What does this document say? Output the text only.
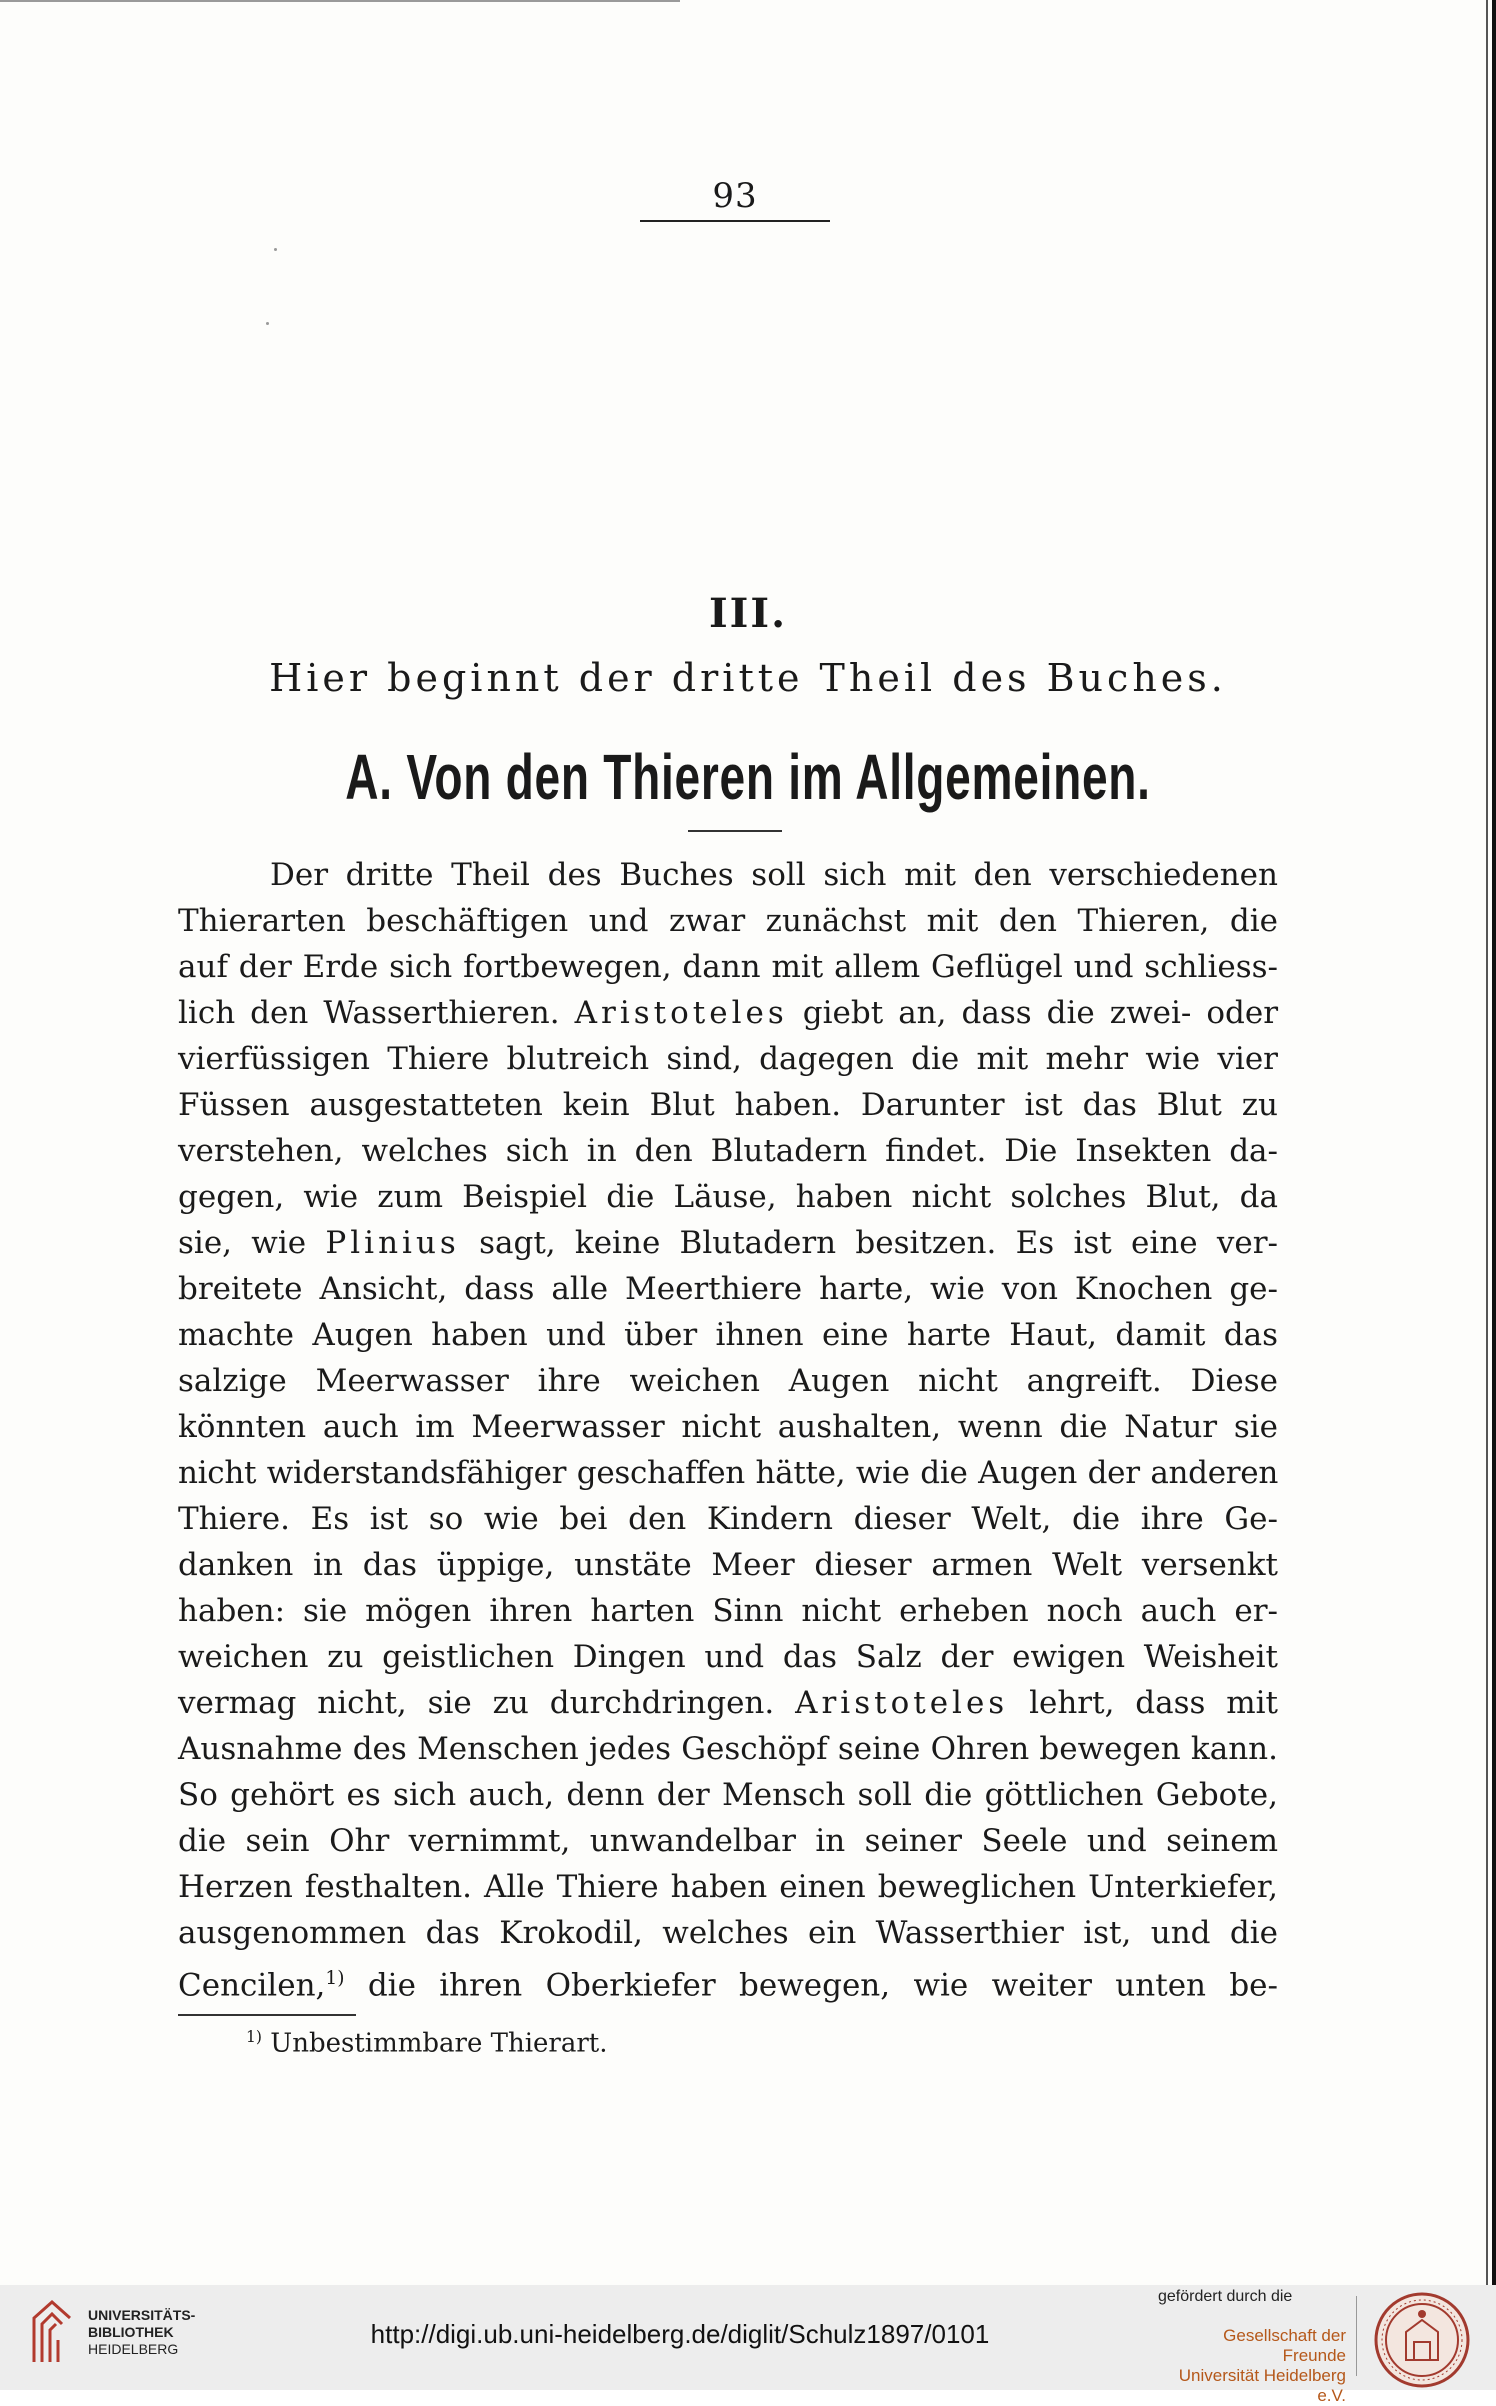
93
III.
Hier beginnt der dritte Theil des Buches.
A. Von den Thieren im Allgemeinen.
Der dritte Theil des Buches soll sich mit den verschiedenen
Thierarten beschäftigen und zwar zunächst mit den Thieren, die
auf der Erde sich fortbewegen, dann mit allem Geflügel und schliess-
lich den Wasserthieren. Aristoteles giebt an, dass die zwei- oder
vierfüssigen Thiere blutreich sind, dagegen die mit mehr wie vier
Füssen ausgestatteten kein Blut haben. Darunter ist das Blut zu
verstehen, welches sich in den Blutadern findet. Die Insekten da-
gegen, wie zum Beispiel die Läuse, haben nicht solches Blut, da
sie, wie Plinius sagt, keine Blutadern besitzen. Es ist eine ver-
breitete Ansicht, dass alle Meerthiere harte, wie von Knochen ge-
machte Augen haben und über ihnen eine harte Haut, damit das
salzige Meerwasser ihre weichen Augen nicht angreift. Diese
könnten auch im Meerwasser nicht aushalten, wenn die Natur sie
nicht widerstandsfähiger geschaffen hätte, wie die Augen der anderen
Thiere. Es ist so wie bei den Kindern dieser Welt, die ihre Ge-
danken in das üppige, unstäte Meer dieser armen Welt versenkt
haben: sie mögen ihren harten Sinn nicht erheben noch auch er-
weichen zu geistlichen Dingen und das Salz der ewigen Weisheit
vermag nicht, sie zu durchdringen. Aristoteles lehrt, dass mit
Ausnahme des Menschen jedes Geschöpf seine Ohren bewegen kann.
So gehört es sich auch, denn der Mensch soll die göttlichen Gebote,
die sein Ohr vernimmt, unwandelbar in seiner Seele und seinem
Herzen festhalten. Alle Thiere haben einen beweglichen Unterkiefer,
ausgenommen das Krokodil, welches ein Wasserthier ist, und die
Cencilen,$^{1)}$ die ihren Oberkiefer bewegen, wie weiter unten be-
$^{1)}$ Unbestimmbare Thierart.
UNIVERSITÄTS-
BIBLIOTHEK
HEIDELBERG	http://digi.ub.uni-heidelberg.de/diglit/Schulz1897/0101
gefördert durch die
Gesellschaft der Freunde
Universität Heidelberg e.V.
